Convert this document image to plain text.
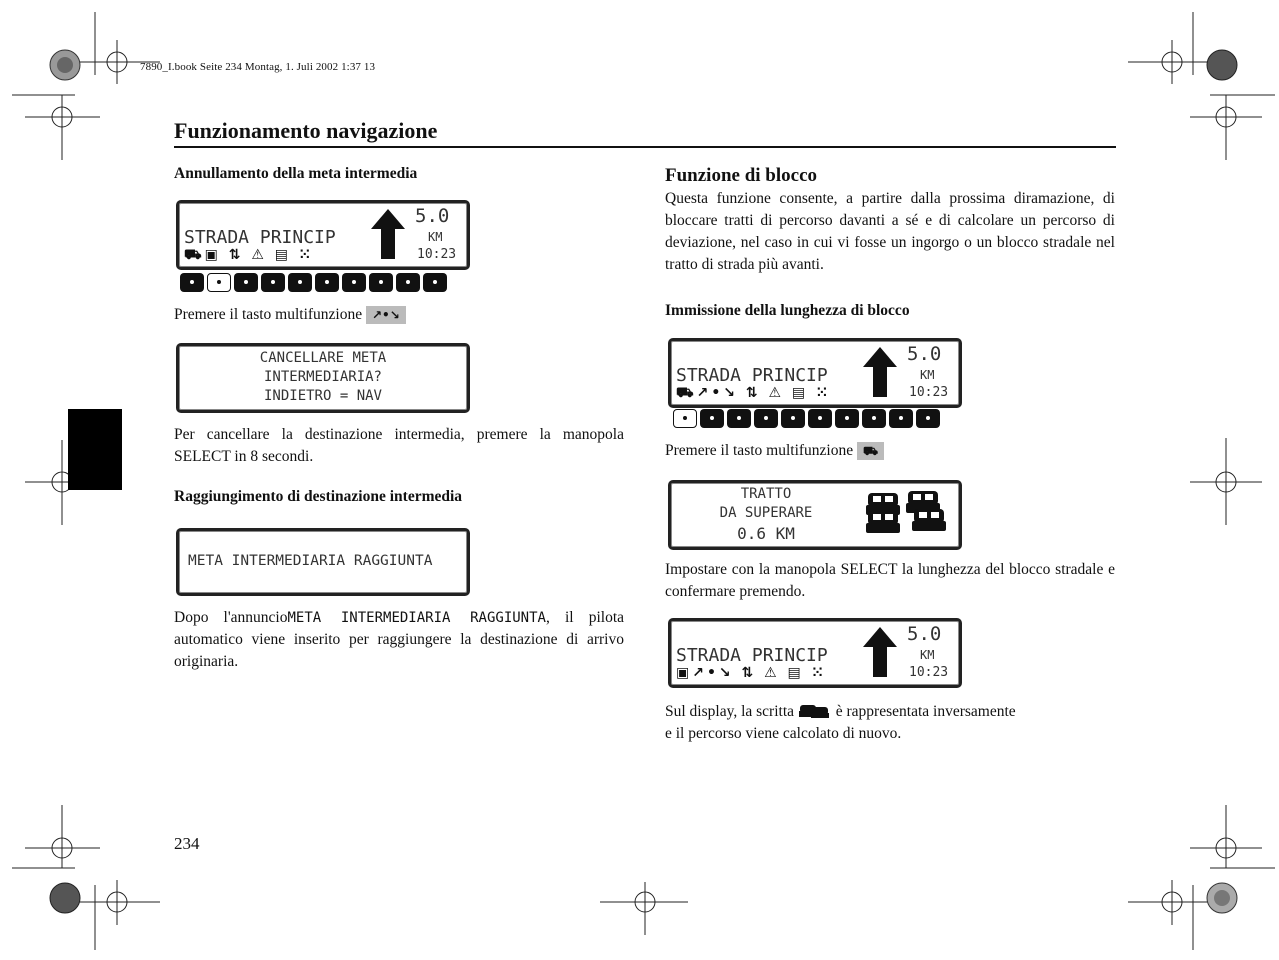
7890_I.book Seite 234 Montag, 1. Juli 2002 1:37 13
Funzionamento navigazione
Annullamento della meta intermedia
STRADA PRINCIP
5.0
KM
10:23
⛟▣ ⇅ ⚠ ▤ ⁙
Premere il tasto multifunzione ↗•↘
CANCELLARE META
INTERMEDIARIA?
INDIETRO = NAV
Per cancellare la destinazione intermedia, premere la manopola SELECT in 8 secondi.
Raggiungimento di destinazione intermedia
META INTERMEDIARIA RAGGIUNTA
Dopo l'annuncioMETA INTERMEDIARIA RAGGIUNTA, il pilota automatico viene inserito per raggiungere la destinazione di arrivo originaria.
Funzione di blocco
Questa funzione consente, a partire dalla prossima diramazione, di bloccare tratti di percorso davanti a sé e di calcolare un percorso di deviazione, nel caso in cui vi fosse un ingorgo o un blocco stradale nel tratto di strada più avanti.
Immissione della lunghezza di blocco
STRADA PRINCIP
5.0
KM
10:23
⛟↗•↘ ⇅ ⚠ ▤ ⁙
Premere il tasto multifunzione ⛟
TRATTO
DA SUPERARE
0.6 KM
Impostare con la manopola SELECT la lunghezza del blocco stradale e confermare premendo.
STRADA PRINCIP
5.0
KM
10:23
▣↗•↘ ⇅ ⚠ ▤ ⁙
Sul display, la scritta	è rappresentata inversamente
e il percorso viene calcolato di nuovo.
234
